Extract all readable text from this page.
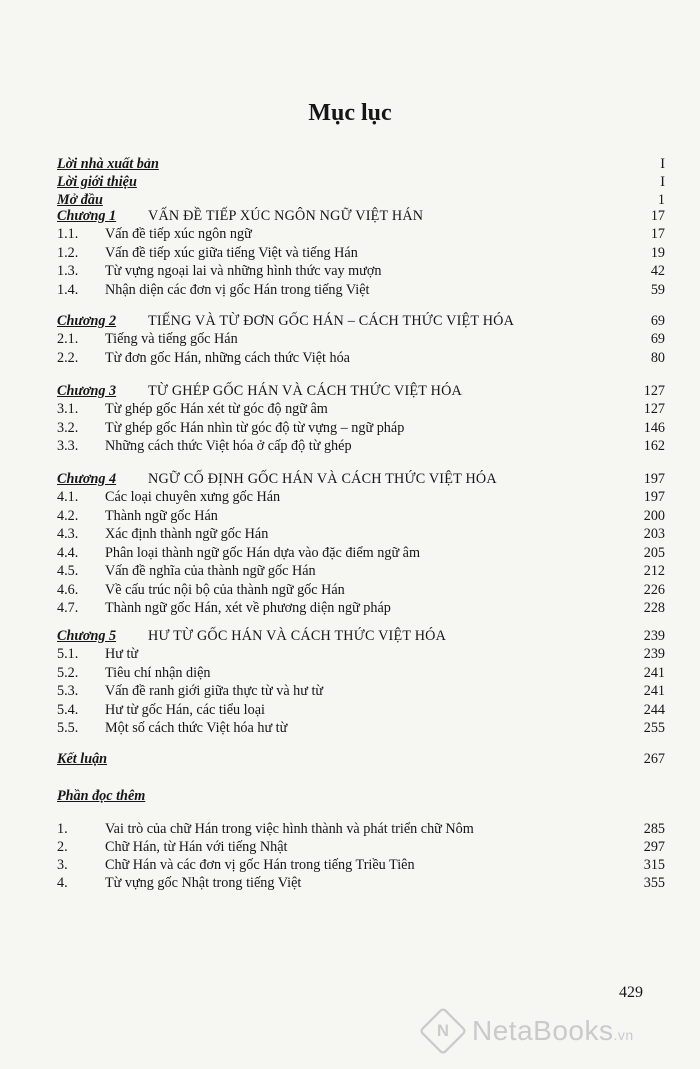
Mục lục
Lời nhà xuất bản	I
Lời giới thiệu	I
Mở đầu	1
Chương 1 VẤN ĐỀ TIẾP XÚC NGÔN NGỮ VIỆT HÁN	17
1.1. Vấn đề tiếp xúc ngôn ngữ	17
1.2. Vấn đề tiếp xúc giữa tiếng Việt và tiếng Hán	19
1.3. Từ vựng ngoại lai và những hình thức vay mượn	42
1.4. Nhận diện các đơn vị gốc Hán trong tiếng Việt	59
Chương 2 TIẾNG VÀ TỪ ĐƠN GỐC HÁN – CÁCH THỨC VIỆT HÓA	69
2.1. Tiếng và tiếng gốc Hán	69
2.2. Từ đơn gốc Hán, những cách thức Việt hóa	80
Chương 3 TỪ GHÉP GỐC HÁN VÀ CÁCH THỨC VIỆT HÓA	127
3.1. Từ ghép gốc Hán xét từ góc độ ngữ âm	127
3.2. Từ ghép gốc Hán nhìn từ góc độ từ vựng – ngữ pháp	146
3.3. Những cách thức Việt hóa ở cấp độ từ ghép	162
Chương 4 NGỮ CỐ ĐỊNH GỐC HÁN VÀ CÁCH THỨC VIỆT HÓA	197
4.1. Các loại chuyên xưng gốc Hán	197
4.2. Thành ngữ gốc Hán	200
4.3. Xác định thành ngữ gốc Hán	203
4.4. Phân loại thành ngữ gốc Hán dựa vào đặc điểm ngữ âm	205
4.5. Vấn đề nghĩa của thành ngữ gốc Hán	212
4.6. Về cấu trúc nội bộ của thành ngữ gốc Hán	226
4.7. Thành ngữ gốc Hán, xét về phương diện ngữ pháp	228
Chương 5 HƯ TỪ GỐC HÁN VÀ CÁCH THỨC VIỆT HÓA	239
5.1. Hư từ	239
5.2. Tiêu chí nhận diện	241
5.3. Vấn đề ranh giới giữa thực từ và hư từ	241
5.4. Hư từ gốc Hán, các tiểu loại	244
5.5. Một số cách thức Việt hóa hư từ	255
Kết luận	267
Phần đọc thêm
1.	Vai trò của chữ Hán trong việc hình thành và phát triển chữ Nôm	285
2.	Chữ Hán, từ Hán với tiếng Nhật	297
3.	Chữ Hán và các đơn vị gốc Hán trong tiếng Triều Tiên	315
4.	Từ vựng gốc Nhật trong tiếng Việt	355
429
N NetaBooks.vn
